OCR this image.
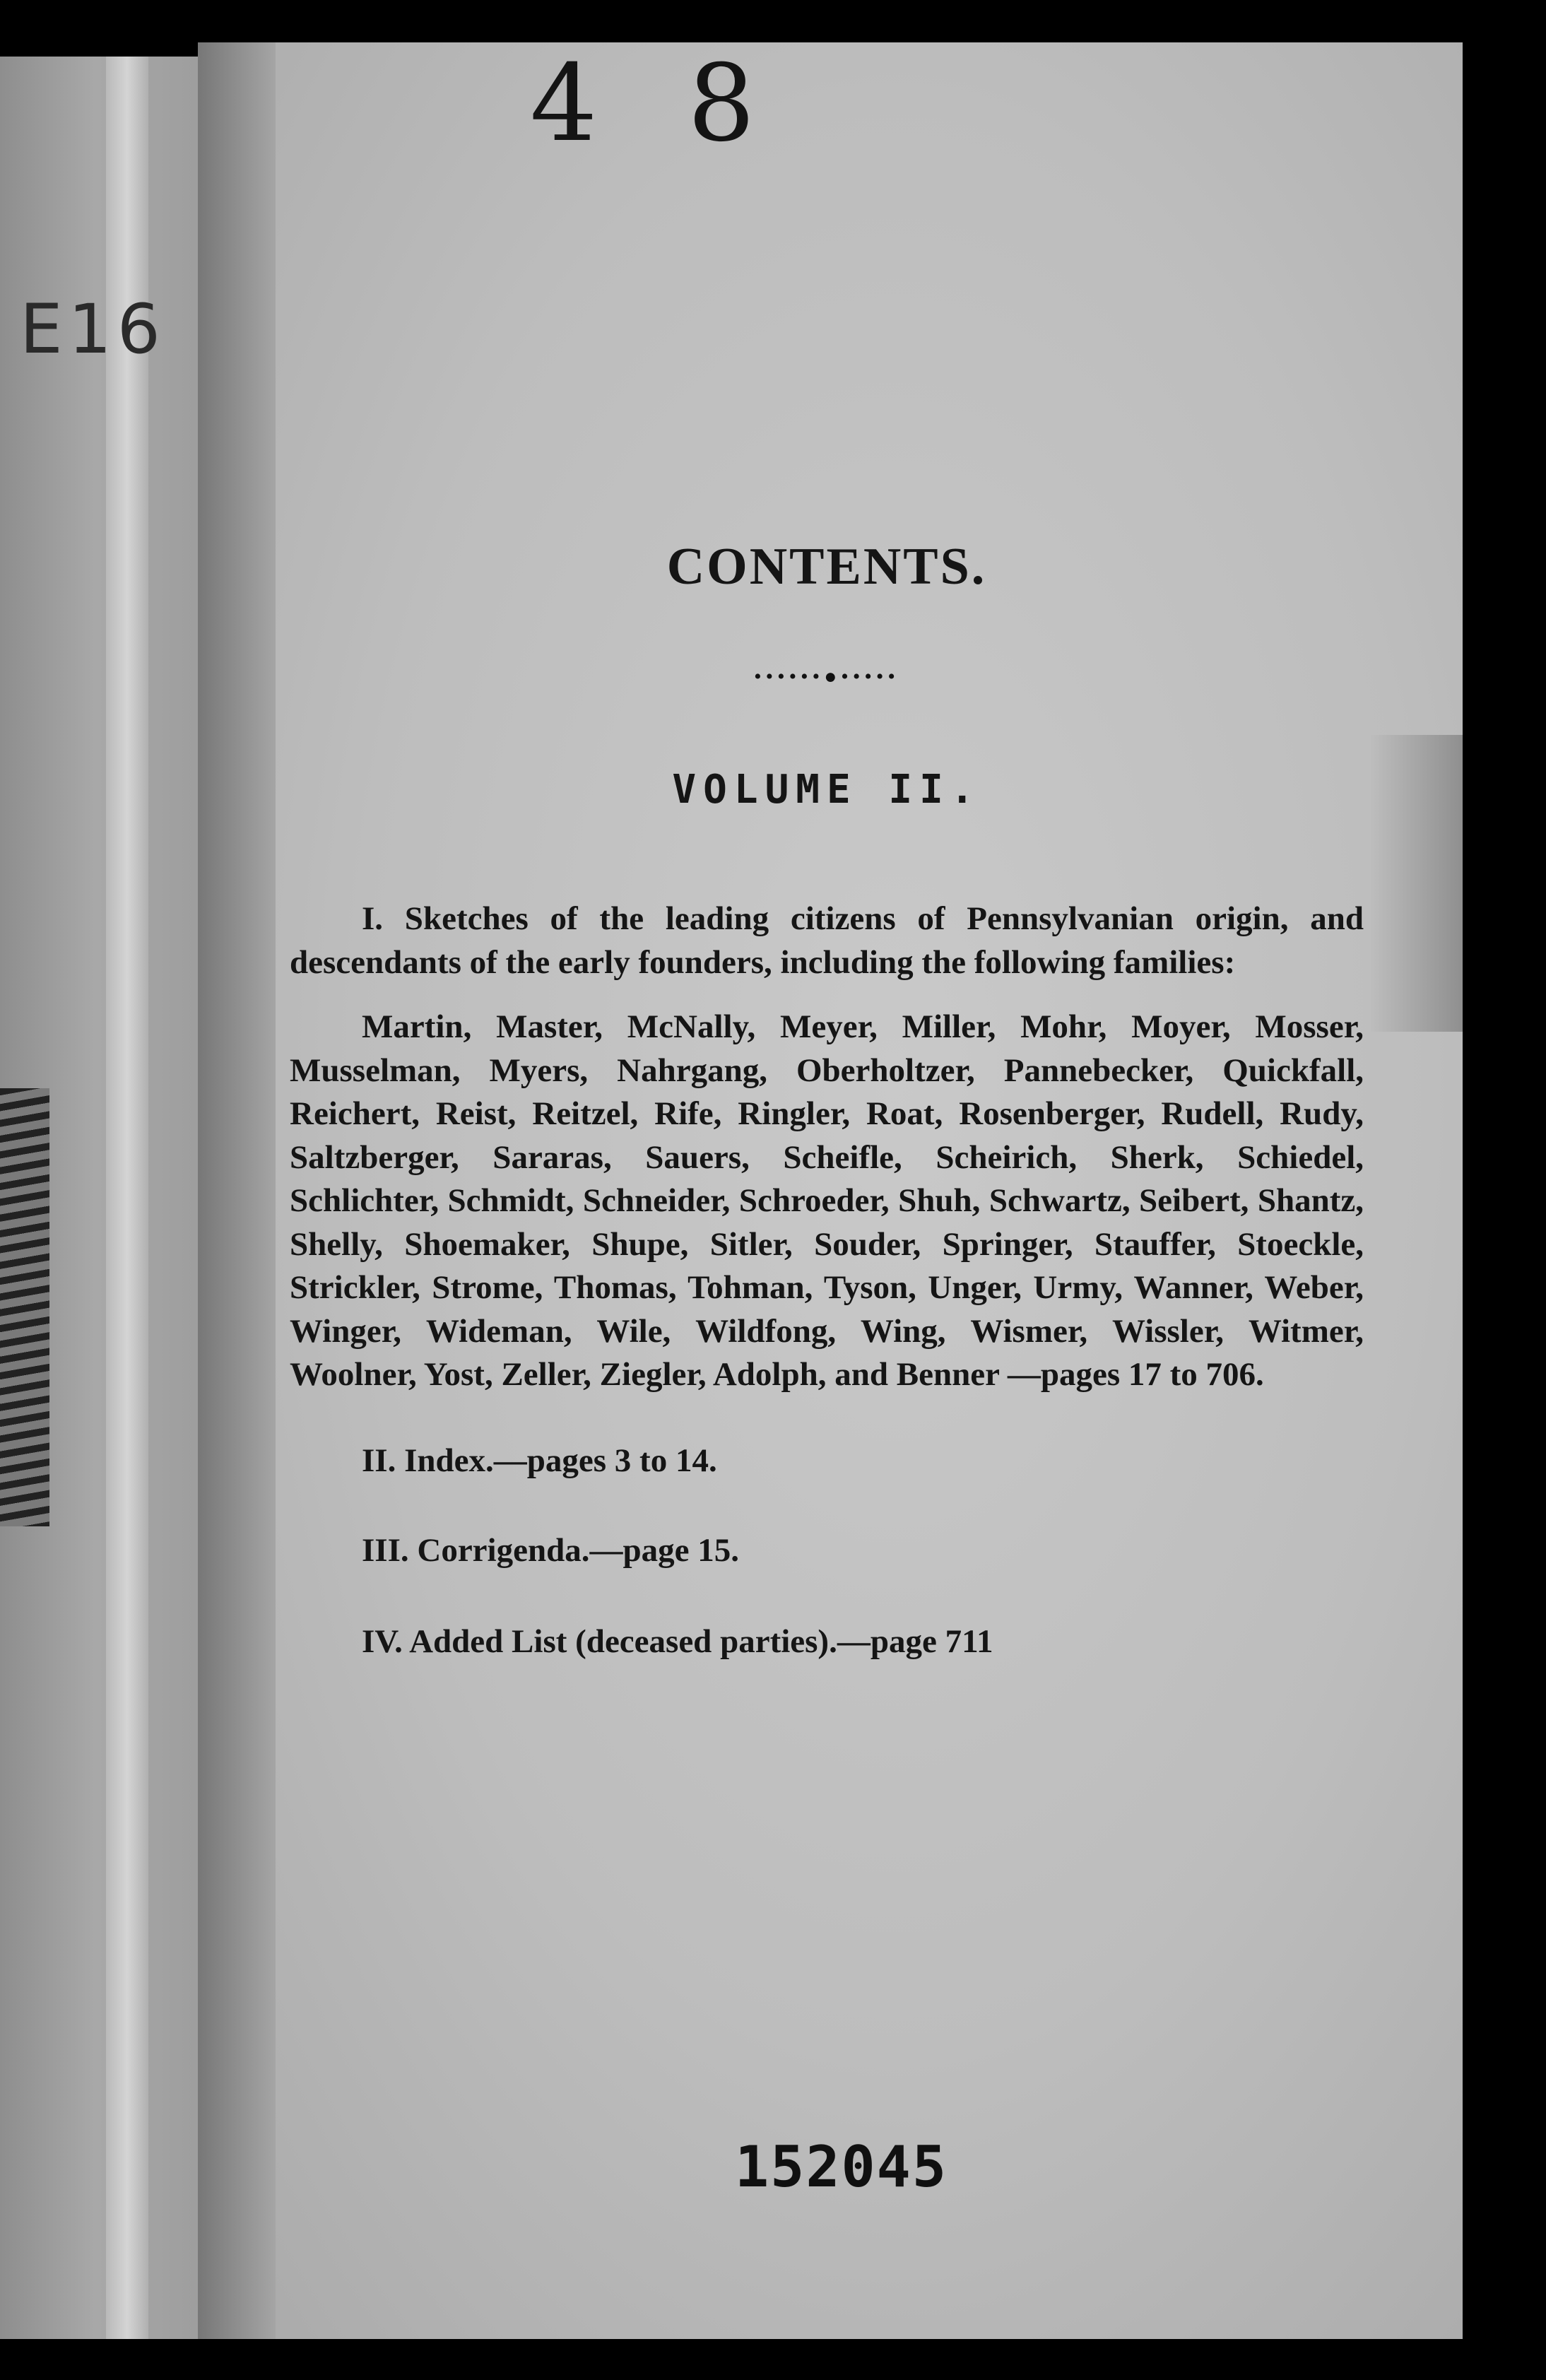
E16
4 8
CONTENTS.
••••••●•••••
VOLUME II.

I. Sketches of the leading citizens of Pennsylvanian origin, and descendants of the early founders, including the following families:

Martin, Master, McNally, Meyer, Miller, Mohr, Moyer, Mosser, Musselman, Myers, Nahrgang, Oberholtzer, Pannebecker, Quickfall, Reichert, Reist, Reitzel, Rife, Ringler, Roat, Rosenberger, Rudell, Rudy, Saltzberger, Sararas, Sauers, Scheifle, Scheirich, Sherk, Schiedel, Schlichter, Schmidt, Schneider, Schroeder, Shuh, Schwartz, Seibert, Shantz, Shelly, Shoemaker, Shupe, Sitler, Souder, Springer, Stauffer, Stoeckle, Strickler, Strome, Thomas, Tohman, Tyson, Unger, Urmy, Wanner, Weber, Winger, Wideman, Wile, Wildfong, Wing, Wismer, Wissler, Witmer, Woolner, Yost, Zeller, Ziegler, Adolph, and Benner —pages 17 to 706.

II. Index.—pages 3 to 14.
III. Corrigenda.—page 15.
IV. Added List (deceased parties).—page 711
152045
